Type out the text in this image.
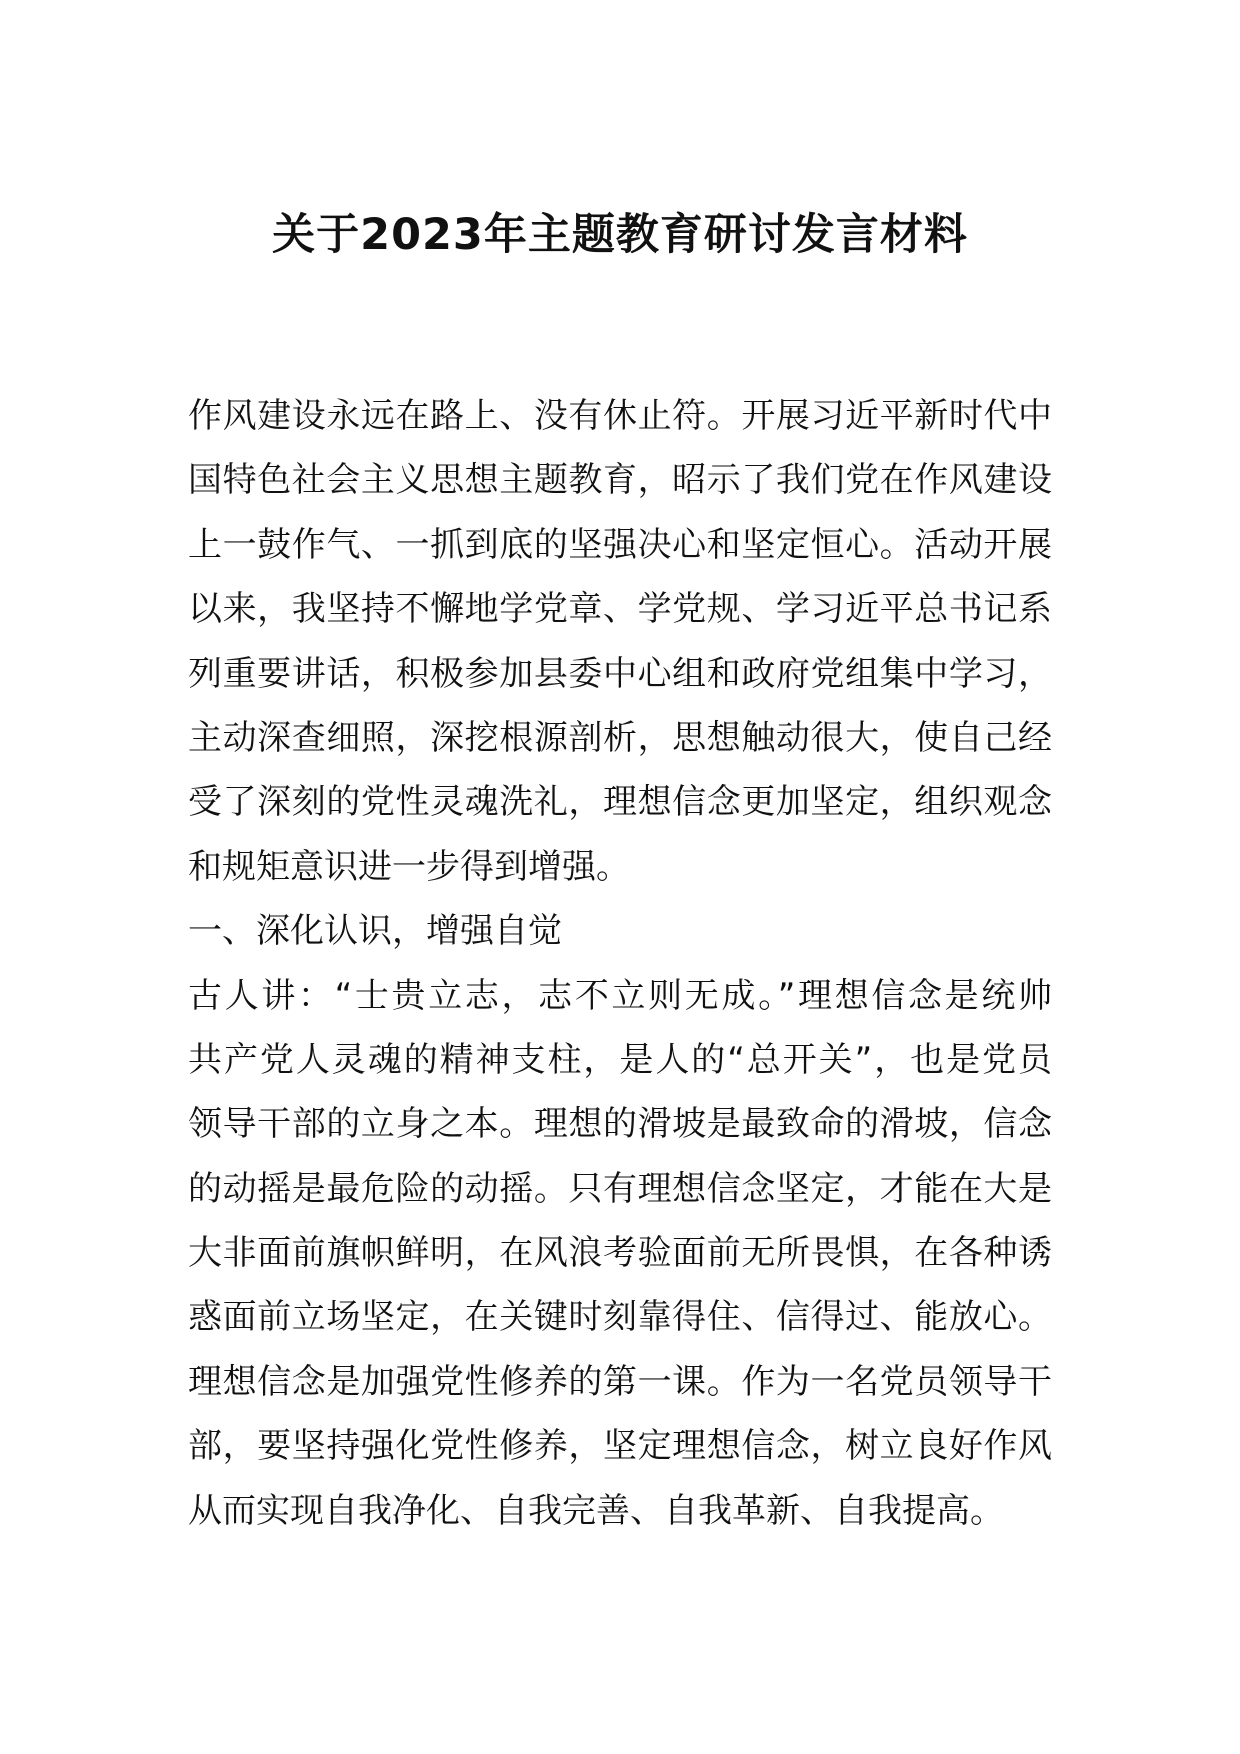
关于2023年主题教育研讨发言材料
作风建设永远在路上、没有休止符。开展习近平新时代中
国特色社会主义思想主题教育，昭示了我们党在作风建设
上一鼓作气、一抓到底的坚强决心和坚定恒心。活动开展
以来，我坚持不懈地学党章、学党规、学习近平总书记系
列重要讲话，积极参加县委中心组和政府党组集中学习，
主动深查细照，深挖根源剖析，思想触动很大，使自己经
受了深刻的党性灵魂洗礼，理想信念更加坚定，组织观念
和规矩意识进一步得到增强。
一、深化认识，增强自觉
古人讲：“士贵立志，志不立则无成。”理想信念是统帅
共产党人灵魂的精神支柱，是人的“总开关”，也是党员
领导干部的立身之本。理想的滑坡是最致命的滑坡，信念
的动摇是最危险的动摇。只有理想信念坚定，才能在大是
大非面前旗帜鲜明，在风浪考验面前无所畏惧，在各种诱
惑面前立场坚定，在关键时刻靠得住、信得过、能放心。
理想信念是加强党性修养的第一课。作为一名党员领导干
部，要坚持强化党性修养，坚定理想信念，树立良好作风
从而实现自我净化、自我完善、自我革新、自我提高。
